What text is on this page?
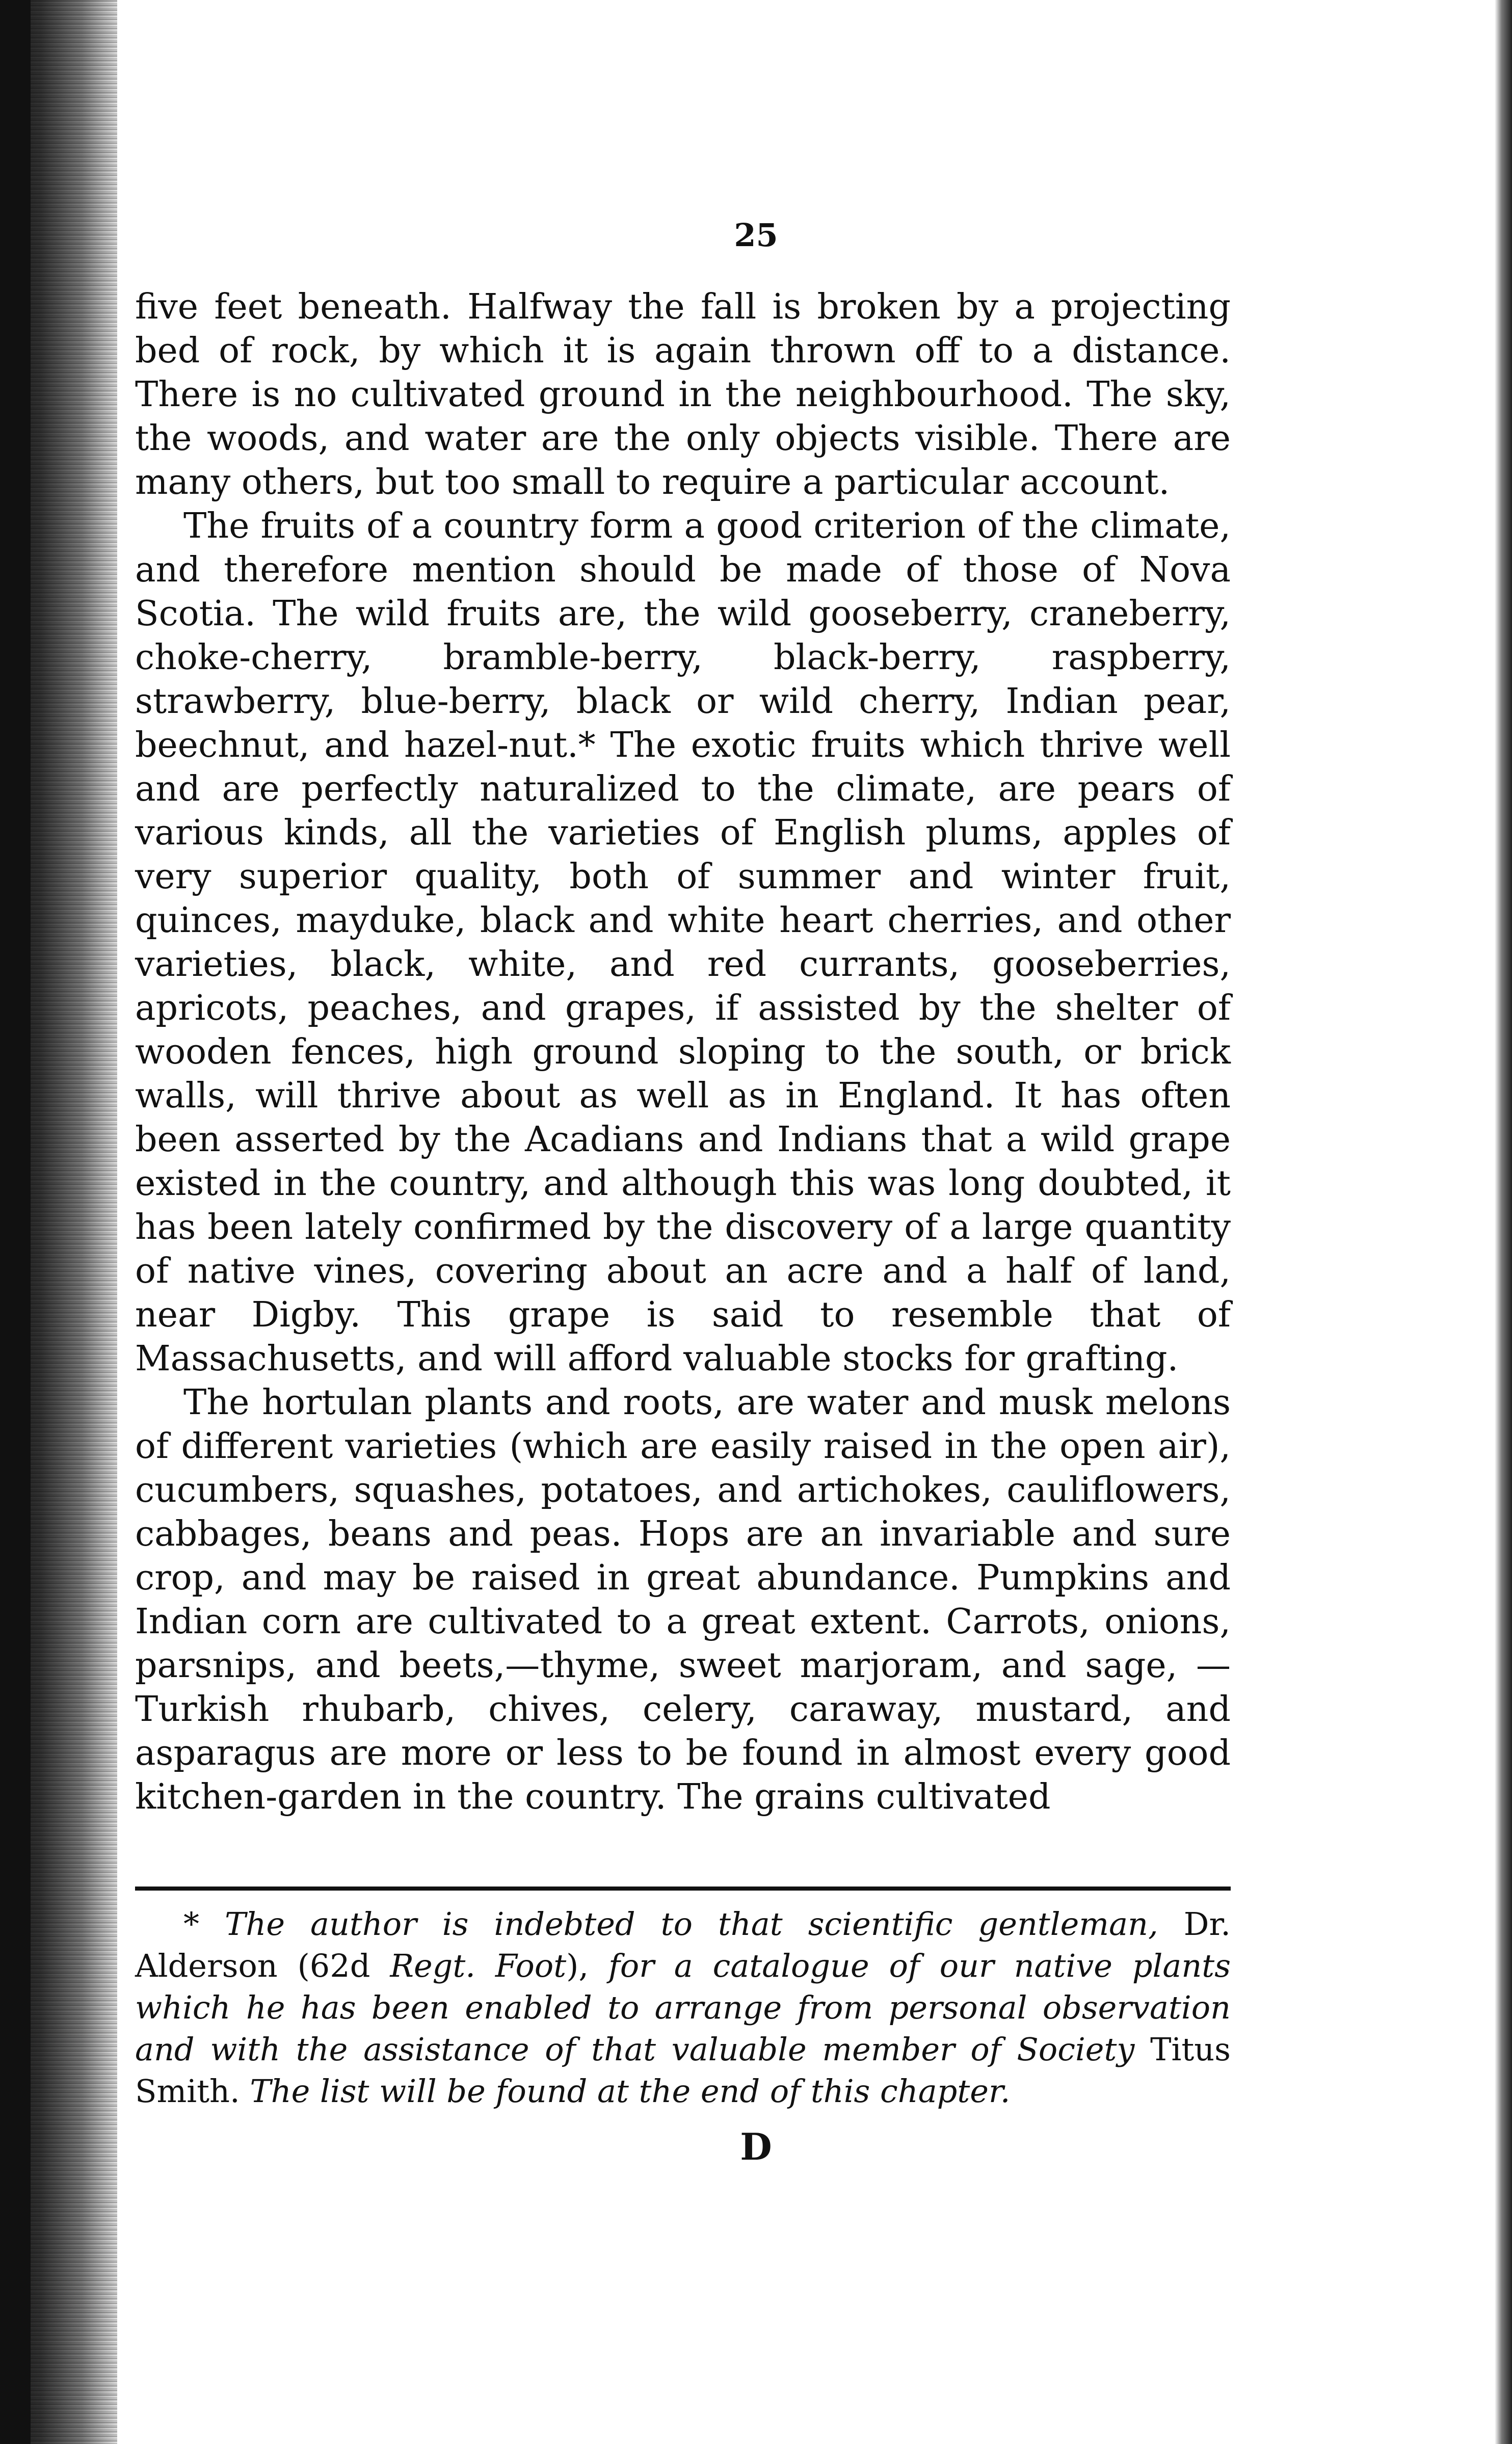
25

five feet beneath. Halfway the fall is broken by a projecting bed of rock, by which it is again thrown off to a distance. There is no cultivated ground in the neighbourhood. The sky, the woods, and water are the only objects visible. There are many others, but too small to require a particular account.

The fruits of a country form a good criterion of the climate, and therefore mention should be made of those of Nova Scotia. The wild fruits are, the wild gooseberry, craneberry, choke-cherry, bramble-berry, black-berry, raspberry, strawberry, blue-berry, black or wild cherry, Indian pear, beechnut, and hazel-nut.* The exotic fruits which thrive well and are perfectly naturalized to the climate, are pears of various kinds, all the varieties of English plums, apples of very superior quality, both of summer and winter fruit, quinces, mayduke, black and white heart cherries, and other varieties, black, white, and red currants, gooseberries, apricots, peaches, and grapes, if assisted by the shelter of wooden fences, high ground sloping to the south, or brick walls, will thrive about as well as in England. It has often been asserted by the Acadians and Indians that a wild grape existed in the country, and although this was long doubted, it has been lately confirmed by the discovery of a large quantity of native vines, covering about an acre and a half of land, near Digby. This grape is said to resemble that of Massachusetts, and will afford valuable stocks for grafting.

The hortulan plants and roots, are water and musk melons of different varieties (which are easily raised in the open air), cucumbers, squashes, potatoes, and artichokes, cauliflowers, cabbages, beans and peas. Hops are an invariable and sure crop, and may be raised in great abundance. Pumpkins and Indian corn are cultivated to a great extent. Carrots, onions, parsnips, and beets,—thyme, sweet marjoram, and sage, —Turkish rhubarb, chives, celery, caraway, mustard, and asparagus are more or less to be found in almost every good kitchen-garden in the country. The grains cultivated

* The author is indebted to that scientific gentleman, Dr. Alderson (62d Regt. Foot), for a catalogue of our native plants which he has been enabled to arrange from personal observation and with the assistance of that valuable member of Society Titus Smith. The list will be found at the end of this chapter.

D
